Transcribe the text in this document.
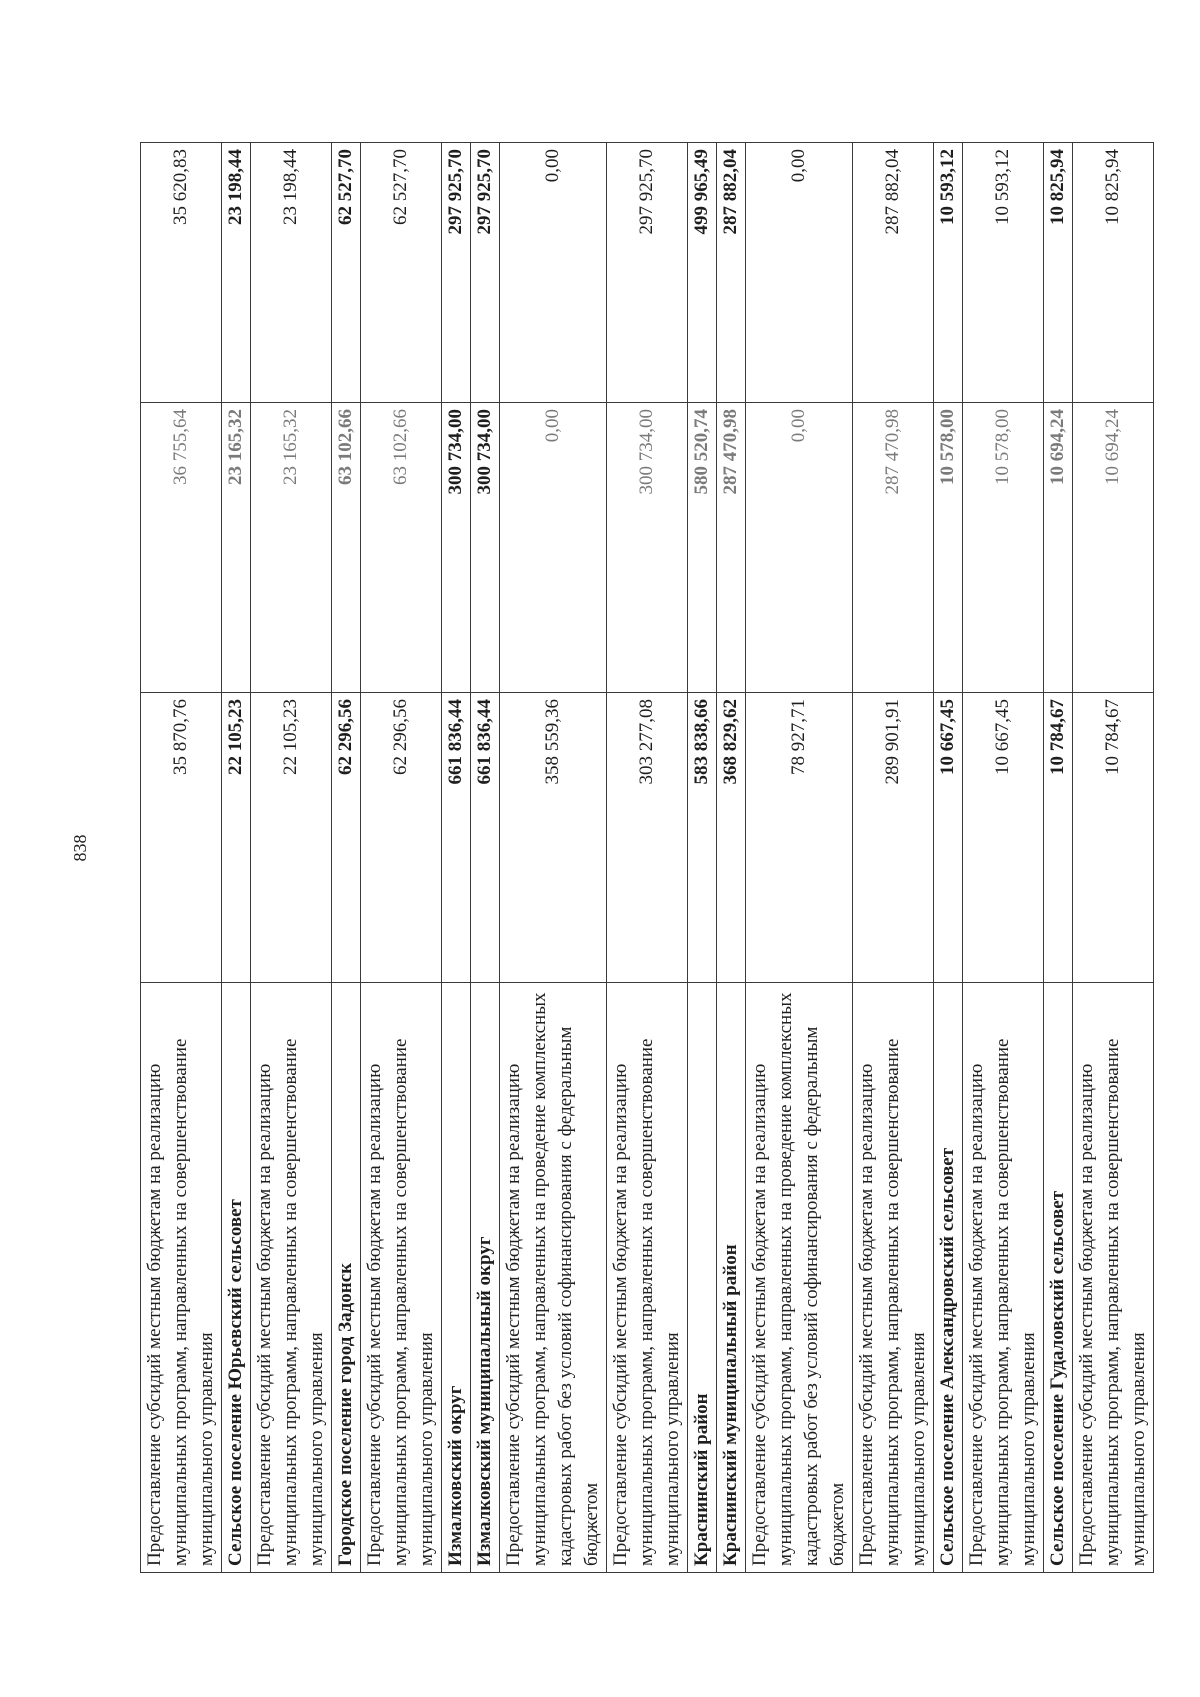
838
Предоставление субсидий местным бюджетам на реализацию муниципальных программ, направленных на совершенствование муниципального управления	35 870,76	36 755,64	35 620,83
Сельское поселение Юрьевский сельсовет	22 105,23	23 165,32	23 198,44
Предоставление субсидий местным бюджетам на реализацию муниципальных программ, направленных на совершенствование муниципального управления	22 105,23	23 165,32	23 198,44
Городское поселение город Задонск	62 296,56	63 102,66	62 527,70
Предоставление субсидий местным бюджетам на реализацию муниципальных программ, направленных на совершенствование муниципального управления	62 296,56	63 102,66	62 527,70
Измалковский округ	661 836,44	300 734,00	297 925,70
Измалковский муниципальный округ	661 836,44	300 734,00	297 925,70
Предоставление субсидий местным бюджетам на реализацию муниципальных программ, направленных на проведение комплексных кадастровых работ без условий софинансирования с федеральным бюджетом	358 559,36	0,00	0,00
Предоставление субсидий местным бюджетам на реализацию муниципальных программ, направленных на совершенствование муниципального управления	303 277,08	300 734,00	297 925,70
Краснинский район	583 838,66	580 520,74	499 965,49
Краснинский муниципальный район	368 829,62	287 470,98	287 882,04
Предоставление субсидий местным бюджетам на реализацию муниципальных программ, направленных на проведение комплексных кадастровых работ без условий софинансирования с федеральным бюджетом	78 927,71	0,00	0,00
Предоставление субсидий местным бюджетам на реализацию муниципальных программ, направленных на совершенствование муниципального управления	289 901,91	287 470,98	287 882,04
Сельское поселение Александровский сельсовет	10 667,45	10 578,00	10 593,12
Предоставление субсидий местным бюджетам на реализацию муниципальных программ, направленных на совершенствование муниципального управления	10 667,45	10 578,00	10 593,12
Сельское поселение Гудаловский сельсовет	10 784,67	10 694,24	10 825,94
Предоставление субсидий местным бюджетам на реализацию муниципальных программ, направленных на совершенствование муниципального управления	10 784,67	10 694,24	10 825,94
